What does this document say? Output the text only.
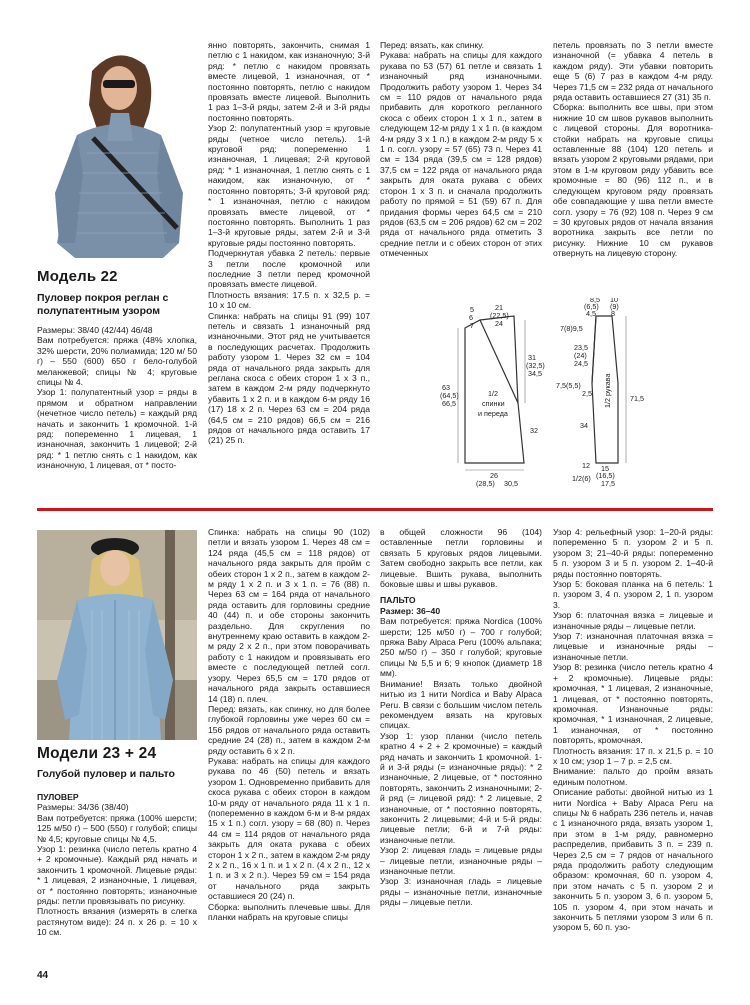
Модель 22
Пуловер покроя реглан с полупатентным узором

Размеры: 38/40 (42/44) 46/48

Вам потребуется: пряжа (48% хлопка, 32% шерсти, 20% полиамида; 120 м/ 50 г) – 550 (600) 650 г бело-голубой меланжевой; спицы № 4; круговые спицы № 4.

Узор 1: полупатентный узор = ряды в прямом и обратном направлении (нечетное число петель) = каждый ряд начать и закончить 1 кромочной. 1-й ряд: попеременно 1 лицевая, 1 изнаночная, закончить 1 лицевой; 2-й ряд: * 1 петлю снять с 1 накидом, как изнаночную, 1 лицевая, от * посто-

янно повторять, закончить, снимая 1 петлю с 1 накидом, как изнаночную; 3-й ряд: * петлю с накидом провязать вместе лицевой, 1 изнаночная, от * постоянно повторять, петлю с накидом провязать вместе лицевой. Выполнить 1 раз 1–3-й ряды, затем 2-й и 3-й ряды постоянно повторять.

Узор 2: полупатентный узор = круговые ряды (четное число петель). 1-й круговой ряд: попеременно 1 изнаночная, 1 лицевая; 2-й круговой ряд: * 1 изнаночная, 1 петлю снять с 1 накидом, как изнаночную, от * постоянно повторять; 3-й круговой ряд: * 1 изнаночная, петлю с накидом провязать вместе лицевой, от * постоянно повторять. Выполнить 1 раз 1–3-й круговые ряды, затем 2-й и 3-й круговые ряды постоянно повторять.

Подчеркнутая убавка 2 петель: первые 3 петли после кромочной или последние 3 петли перед кромочной провязать вместе лицевой.

Плотность вязания: 17.5 п. х 32,5 р. = 10 х 10 см.

Спинка: набрать на спицы 91 (99) 107 петель и связать 1 изнаночный ряд изнаночными. Этот ряд не учитывается в последующих расчетах. Продолжить работу узором 1. Через 32 см = 104 ряда от начального ряда закрыть для реглана скоса с обеих сторон 1 х 3 п., затем в каждом 2-м ряду подчеркнуто убавить 1 х 2 п. и в каждом 6-м ряду 16 (17) 18 х 2 п. Через 63 см = 204 ряда (64,5 см = 210 рядов) 66,5 см = 216 рядов от начального ряда оставить 17 (21) 25 п.

Перед: вязать, как спинку.

Рукава: набрать на спицы для каждого рукава по 53 (57) 61 петле и связать 1 изнаночный ряд изнаночными. Продолжить работу узором 1. Через 34 см = 110 рядов от начального ряда прибавить для короткого регланного скоса с обеих сторон 1 х 1 п., затем в следующем 12-м ряду 1 х 1 п. (в каждом 4-м ряду 3 х 1 п.) в каждом 2-м ряду 5 х 1 п. согл. узору = 57 (65) 73 п. Через 41 см = 134 ряда (39,5 см = 128 рядов) 37,5 см = 122 ряда от начального ряда закрыть для оката рукава с обеих сторон 1 х 3 п. и сначала продолжить работу по прямой = 51 (59) 67 п. Для придания формы через 64,5 см = 210 рядов (63,5 см = 206 рядов) 62 см = 202 ряда от начального ряда отметить 3 средние петли и с обеих сторон от этих отмеченных

петель провязать по 3 петли вместе изнаночной (= убавка 4 петель в каждом ряду). Эти убавки повторить еще 5 (6) 7 раз в каждом 4-м ряду. Через 71,5 см = 232 ряда от начального ряда оставить оставшиеся 27 (31) 35 п.

Сборка: выполнить все швы, при этом нижние 10 см швов рукавов выполнить с лицевой стороны. Для воротника-стойки набрать на круговые спицы оставленные 88 (104) 120 петель и вязать узором 2 круговыми рядами, при этом в 1-м круговом ряду убавить все кромочные = 80 (96) 112 п., и в следующем круговом ряду провязать обе совпадающие у шва петли вместе согл. узору = 76 (92) 108 п. Через 9 см = 30 круговых рядов от начала вязания воротника закрыть все петли по рисунку. Нижние 10 см рукавов отвернуть на лицевую сторону.

5
6
7
21
(22,5)
24
63
(64,5)
66,5
31
(32,5)
34,5
32
1/2
спинки
и переда
26
(28,5) 30,5
8,5
(6,5)
4,5
10
(9)
8
7(8)9,5
23,5
(24)
24,5
7,5(5,5)
2,5
34
71,5
15
(16,5)
17,5
12
1/2(6)
1/2 рукава
Модели 23 + 24
Голубой пуловер и пальто

ПУЛОВЕР

Размеры: 34/36 (38/40)

Вам потребуется: пряжа (100% шерсти; 125 м/50 г) – 500 (550) г голубой; спицы № 4,5; круговые спицы № 4,5.

Узор 1: резинка (число петель кратно 4 + 2 кромочные). Каждый ряд начать и закончить 1 кромочной. Лицевые ряды: * 1 лицевая, 2 изнаночные, 1 лицевая, от * постоянно повторять; изнаночные ряды: петли провязывать по рисунку.

Плотность вязания (измерять в слегка растянутом виде): 24 п. х 26 р. = 10 х 10 см.

Спинка: набрать на спицы 90 (102) петли и вязать узором 1. Через 48 см = 124 ряда (45,5 см = 118 рядов) от начального ряда закрыть для пройм с обеих сторон 1 х 2 п., затем в каждом 2-м ряду 1 х 2 п. и 3 х 1 п. = 76 (88) п. Через 63 см = 164 ряда от начального ряда оставить для горловины средние 40 (44) п. и обе стороны закончить раздельно. Для скругления по внутреннему краю оставить в каждом 2-м ряду 2 х 2 п., при этом поворачивать работу с 1 накидом и провязывать его вместе с последующей петлей согл. узору. Через 65,5 см = 170 рядов от начального ряда закрыть оставшиеся 14 (18) п. плеч.

Перед: вязать, как спинку, но для более глубокой горловины уже через 60 см = 156 рядов от начального ряда оставить средние 24 (28) п., затем в каждом 2-м ряду оставить 6 х 2 п.

Рукава: набрать на спицы для каждого рукава по 46 (50) петель и вязать узором 1. Одновременно прибавить для скоса рукава с обеих сторон в каждом 10-м ряду от начального ряда 11 х 1 п. (попеременно в каждом 6-м и 8-м рядах 15 х 1 п.) согл. узору = 68 (80) п. Через 44 см = 114 рядов от начального ряда закрыть для оката рукава с обеих сторон 1 х 2 п., затем в каждом 2-м ряду 2 х 2 п., 16 х 1 п. и 1 х 2 п. (4 х 2 п., 12 х 1 п. и 3 х 2 п.). Через 59 см = 154 ряда от начального ряда закрыть оставшиеся 20 (24) п.

Сборка: выполнить плечевые швы. Для планки набрать на круговые спицы

в общей сложности 96 (104) оставленные петли горловины и связать 5 круговых рядов лицевыми. Затем свободно закрыть все петли, как лицевые. Вшить рукава, выполнить боковые швы и швы рукавов.

ПАЛЬТО

Размер: 36–40

Вам потребуется: пряжа Nordica (100% шерсти; 125 м/50 г) – 700 г голубой; пряжа Baby Alpaca Peru (100% альпака; 250 м/50 г) – 350 г голубой; круговые спицы № 5,5 и 6; 9 кнопок (диаметр 18 мм).

Внимание! Вязать только двойной нитью из 1 нити Nordica и Baby Alpaca Peru. В связи с большим числом петель рекомендуем вязать на круговых спицах.

Узор 1: узор планки (число петель кратно 4 + 2 + 2 кромочные) = каждый ряд начать и закончить 1 кромочной. 1-й и 3-й ряды (= изнаночные ряды): * 2 изнаночные, 2 лицевые, от * постоянно повторять, закончить 2 изнаночными; 2-й ряд (= лицевой ряд): * 2 лицевые, 2 изнаночные, от * постоянно повторять, закончить 2 лицевыми; 4-й и 5-й ряды: лицевые петли; 6-й и 7-й ряды: изнаночные петли.

Узор 2: лицевая гладь = лицевые ряды – лицевые петли, изнаночные ряды – изнаночные петли.

Узор 3: изнаночная гладь = лицевые ряды – изнаночные петли, изнаночные ряды – лицевые петли.

Узор 4: рельефный узор: 1–20-й ряды: попеременно 5 п. узором 2 и 5 п. узором 3; 21–40-й ряды: попеременно 5 п. узором 3 и 5 п. узором 2. 1–40-й ряды постоянно повторять.

Узор 5: боковая планка на 6 петель: 1 п. узором 3, 4 п. узором 2, 1 п. узором 3.

Узор 6: платочная вязка = лицевые и изнаночные ряды – лицевые петли.

Узор 7: изнаночная платочная вязка = лицевые и изнаночные ряды – изнаночные петли.

Узор 8: резинка (число петель кратно 4 + 2 кромочные). Лицевые ряды: кромочная, * 1 лицевая, 2 изнаночные, 1 лицевая, от * постоянно повторять, кромочная. Изнаночные ряды: кромочная, * 1 изнаночная, 2 лицевые, 1 изнаночная, от * постоянно повторять, кромочная.

Плотность вязания: 17 п. х 21,5 р. = 10 х 10 см; узор 1 – 7 р. = 2,5 см.

Внимание: пальто до пройм вязать единым полотном.

Описание работы: двойной нитью из 1 нити Nordica + Baby Alpaca Peru на спицы № 6 набрать 236 петель и, начав с 1 изнаночного ряда, вязать узором 1, при этом в 1-м ряду, равномерно распределив, прибавить 3 п. = 239 п. Через 2,5 см = 7 рядов от начального ряда продолжить работу следующим образом: кромочная, 60 п. узором 4, при этом начать с 5 п. узором 2 и закончить 5 п. узором 3, 6 п. узором 5, 105 п. узором 4, при этом начать и закончить 5 петлями узором 3 или 6 п. узором 5, 60 п. узо-

44
